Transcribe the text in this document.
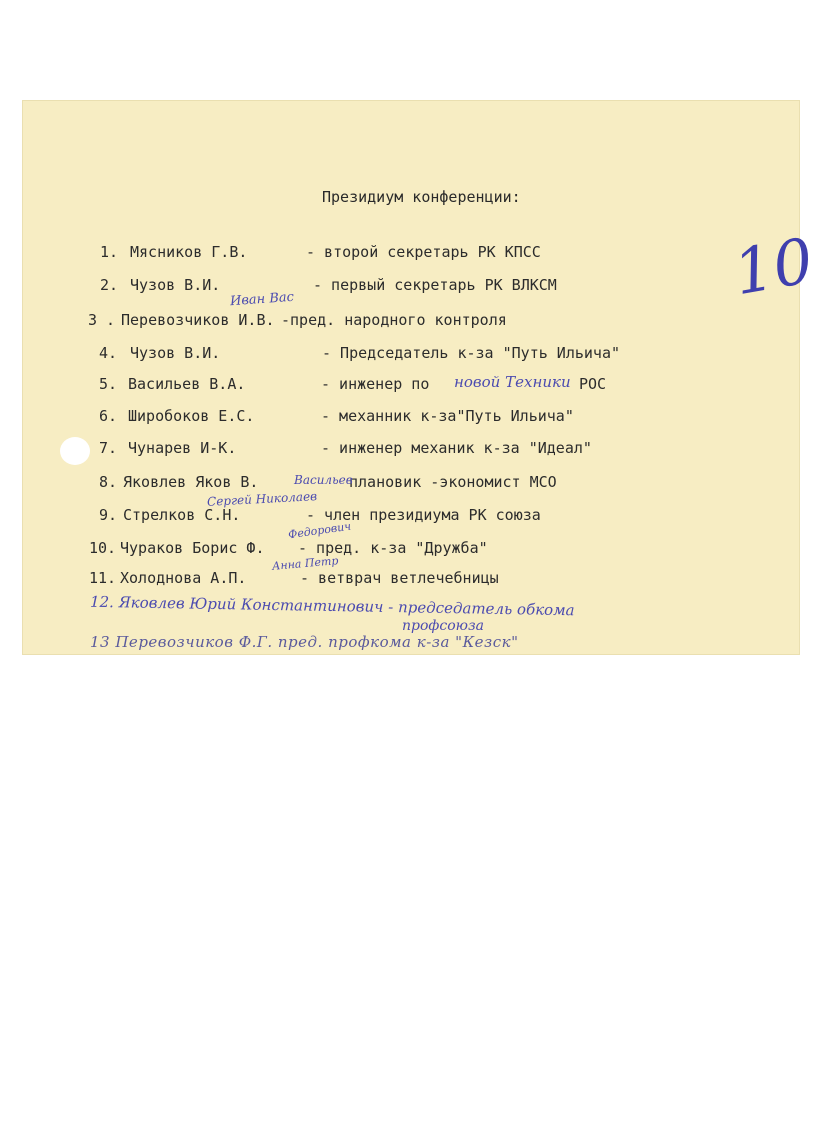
10
Президиум конференции:
1. Мясников Г.В.	- второй секретарь РК КПСС
2. Чузов В.И.	- первый секретарь РК ВЛКСМ
3 . Перевозчиков И.В. -пред. народного контроля
4. Чузов В.И.	- Председатель к-за "Путь Ильича"
5. Васильев В.А.	- инженер по новой Техники РОС
6. Широбоков Е.С.	- механник к-за"Путь Ильича"
7. Чунарев И-К.	- инженер механик к-за "Идеал"
8. Яковлев Яков В.	плановик -экономист МСО
9. Стрелков С.Н.	- член президиума РК союза
10. Чураков Борис Ф. - пред. к-за "Дружба"
11. Холоднова А.П.	- ветврач ветлечебницы
Иван Вас
Васильев
Сергей Николаев
Федорович
Анна Петр
12. Яковлев Юрий Константинович - председатель обкома
профсоюза
13 Перевозчиков Ф.Г. пред. профкома к-за "Кезск"
